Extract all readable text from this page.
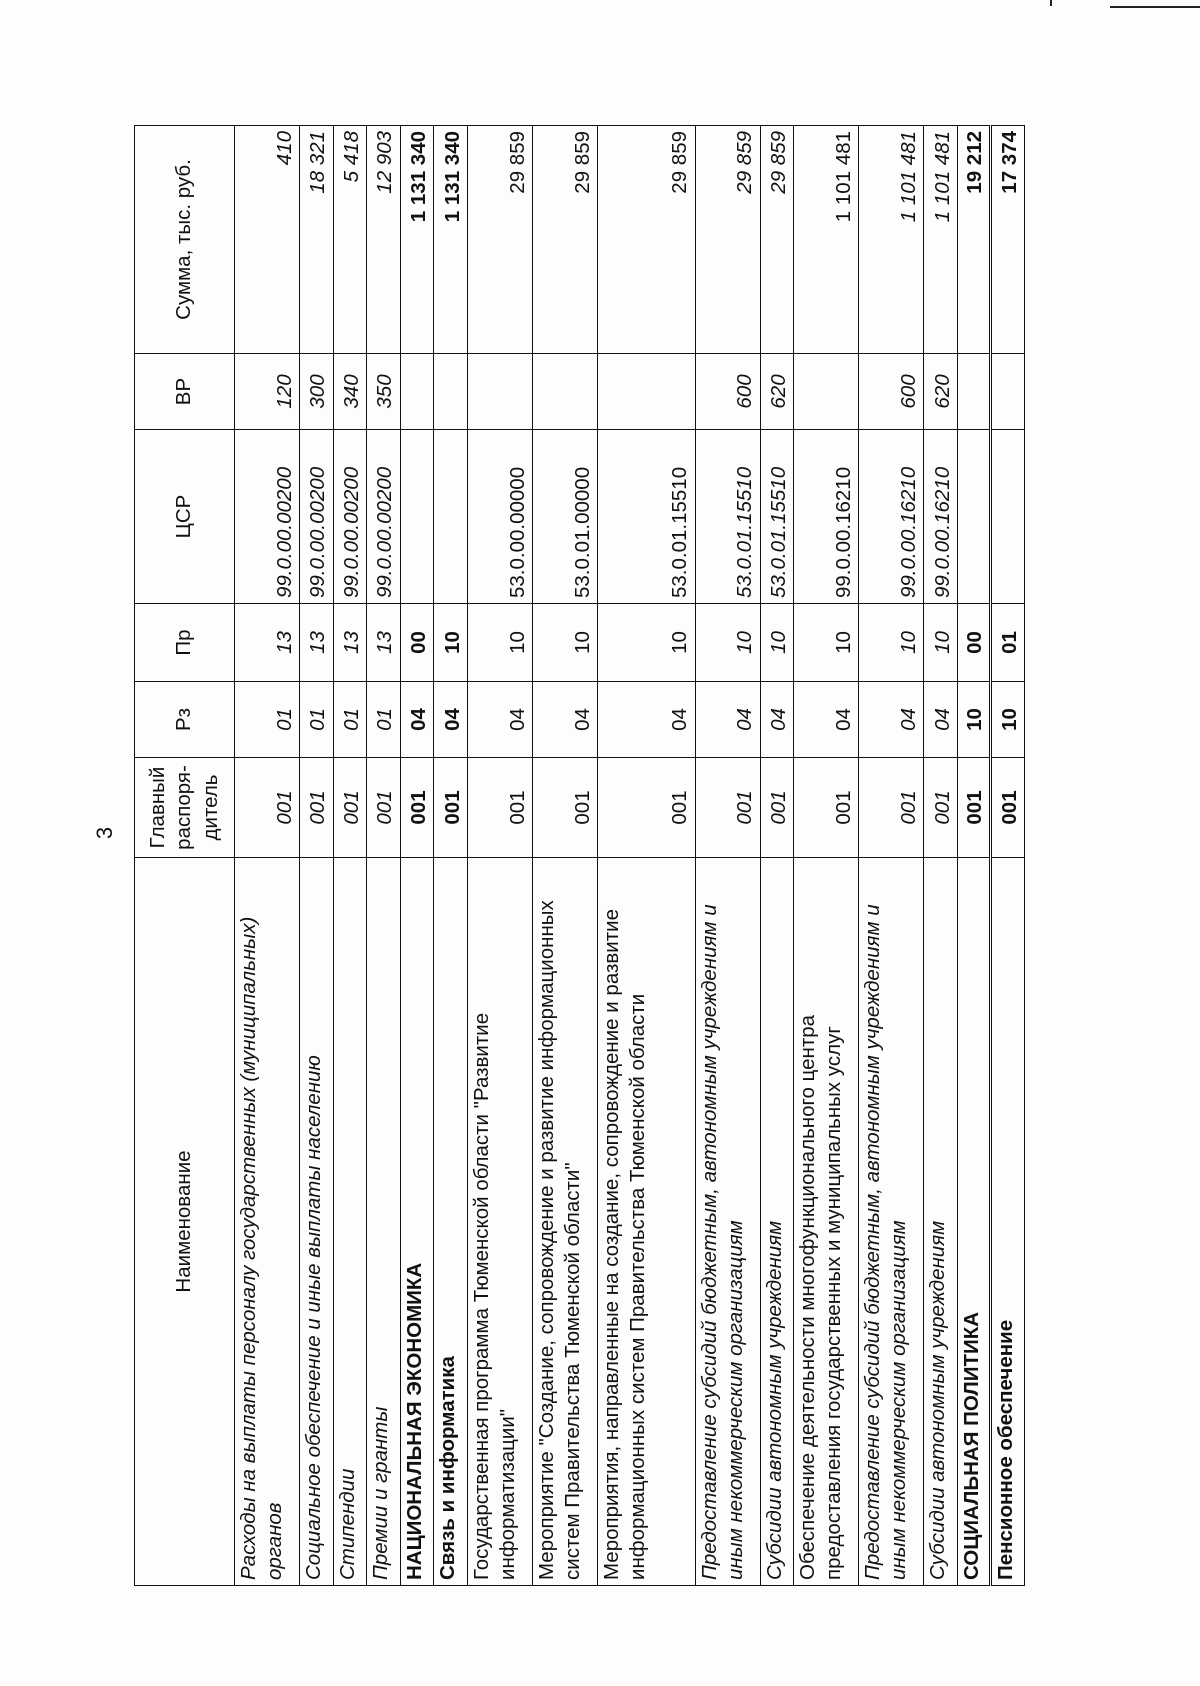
3
Наименование	Главный распоря-дитель	Рз	Пр	ЦСР	ВР	Сумма, тыс. руб.
Расходы на выплаты персоналу государственных (муниципальных) органов	001	01	13	99.0.00.00200	120	410
Социальное обеспечение и иные выплаты населению	001	01	13	99.0.00.00200	300	18 321
Стипендии	001	01	13	99.0.00.00200	340	5 418
Премии и гранты	001	01	13	99.0.00.00200	350	12 903
НАЦИОНАЛЬНАЯ ЭКОНОМИКА	001	04	00			1 131 340
Связь и информатика	001	04	10			1 131 340
Государственная программа Тюменской области "Развитие информатизации"	001	04	10	53.0.00.00000		29 859
Мероприятие "Создание, сопровождение и развитие информационных систем Правительства Тюменской области"	001	04	10	53.0.01.00000		29 859
Мероприятия, направленные на создание, сопровождение и развитие информационных систем Правительства Тюменской области	001	04	10	53.0.01.15510		29 859
Предоставление субсидий бюджетным, автономным учреждениям и иным некоммерческим организациям	001	04	10	53.0.01.15510	600	29 859
Субсидии автономным учреждениям	001	04	10	53.0.01.15510	620	29 859
Обеспечение деятельности многофункционального центра предоставления государственных и муниципальных услуг	001	04	10	99.0.00.16210		1 101 481
Предоставление субсидий бюджетным, автономным учреждениям и иным некоммерческим организациям	001	04	10	99.0.00.16210	600	1 101 481
Субсидии автономным учреждениям	001	04	10	99.0.00.16210	620	1 101 481
СОЦИАЛЬНАЯ ПОЛИТИКА	001	10	00			19 212
Пенсионное обеспечение	001	10	01			17 374
